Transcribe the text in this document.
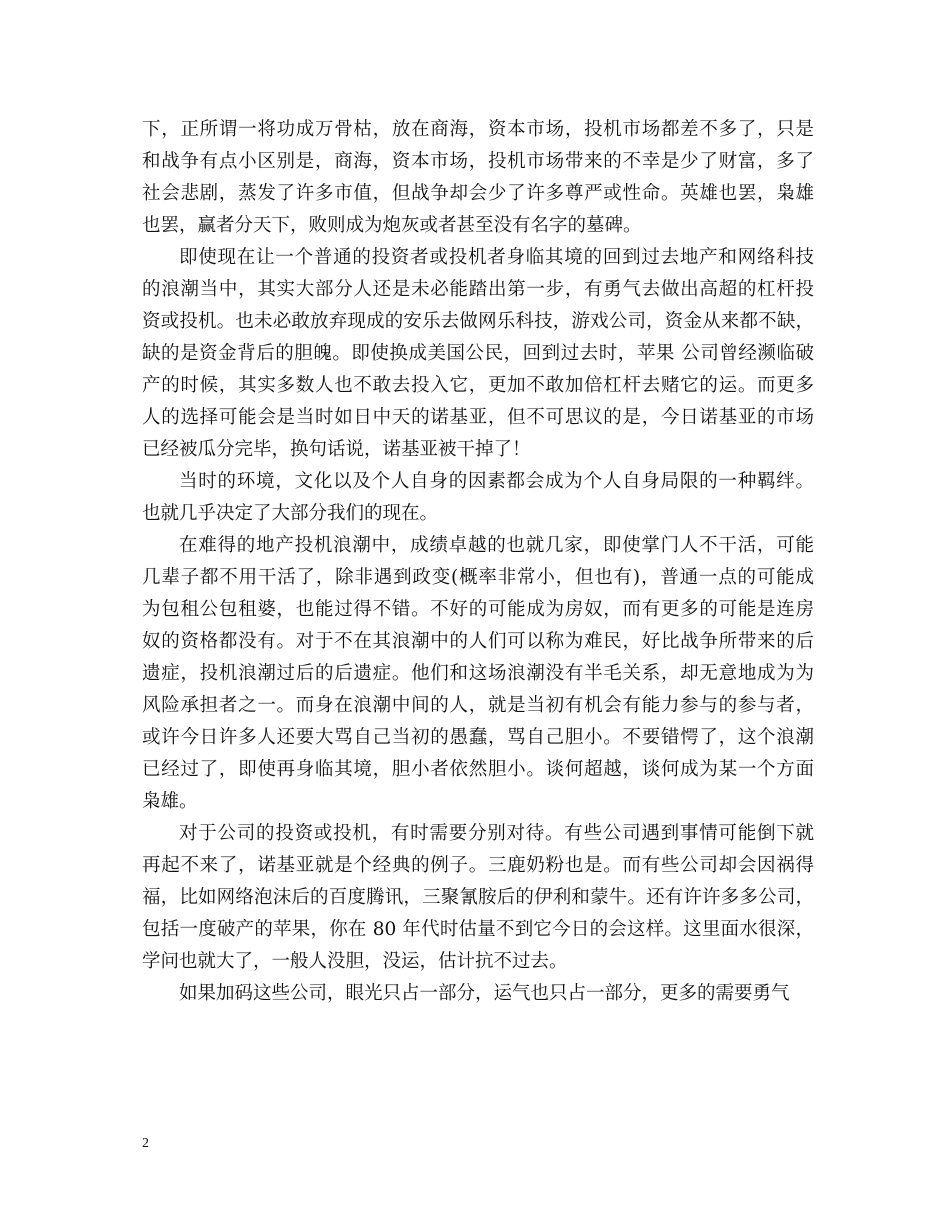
下，正所谓一将功成万骨枯，放在商海，资本市场，投机市场都差不多了，只是
和战争有点小区别是，商海，资本市场，投机市场带来的不幸是少了财富，多了
社会悲剧，蒸发了许多市值，但战争却会少了许多尊严或性命。英雄也罢，枭雄
也罢，赢者分天下，败则成为炮灰或者甚至没有名字的墓碑。
即使现在让一个普通的投资者或投机者身临其境的回到过去地产和网络科技
的浪潮当中，其实大部分人还是未必能踏出第一步，有勇气去做出高超的杠杆投
资或投机。也未必敢放弃现成的安乐去做网乐科技，游戏公司，资金从来都不缺，
缺的是资金背后的胆魄。即使换成美国公民，回到过去时，苹果 公司曾经濒临破
产的时候，其实多数人也不敢去投入它，更加不敢加倍杠杆去赌它的运。而更多
人的选择可能会是当时如日中天的诺基亚，但不可思议的是，今日诺基亚的市场
已经被瓜分完毕，换句话说，诺基亚被干掉了！
当时的环境，文化以及个人自身的因素都会成为个人自身局限的一种羁绊。
也就几乎决定了大部分我们的现在。
在难得的地产投机浪潮中，成绩卓越的也就几家，即使掌门人不干活，可能
几辈子都不用干活了，除非遇到政变(概率非常小，但也有)，普通一点的可能成
为包租公包租婆，也能过得不错。不好的可能成为房奴，而有更多的可能是连房
奴的资格都没有。对于不在其浪潮中的人们可以称为难民，好比战争所带来的后
遗症，投机浪潮过后的后遗症。他们和这场浪潮没有半毛关系，却无意地成为为
风险承担者之一。而身在浪潮中间的人，就是当初有机会有能力参与的参与者，
或许今日许多人还要大骂自己当初的愚蠢，骂自己胆小。不要错愕了，这个浪潮
已经过了，即使再身临其境，胆小者依然胆小。谈何超越，谈何成为某一个方面
枭雄。
对于公司的投资或投机，有时需要分别对待。有些公司遇到事情可能倒下就
再起不来了，诺基亚就是个经典的例子。三鹿奶粉也是。而有些公司却会因祸得
福，比如网络泡沫后的百度腾讯，三聚氰胺后的伊利和蒙牛。还有许许多多公司，
包括一度破产的苹果，你在 80 年代时估量不到它今日的会这样。这里面水很深，
学问也就大了，一般人没胆，没运，估计抗不过去。
如果加码这些公司，眼光只占一部分，运气也只占一部分，更多的需要勇气
2
